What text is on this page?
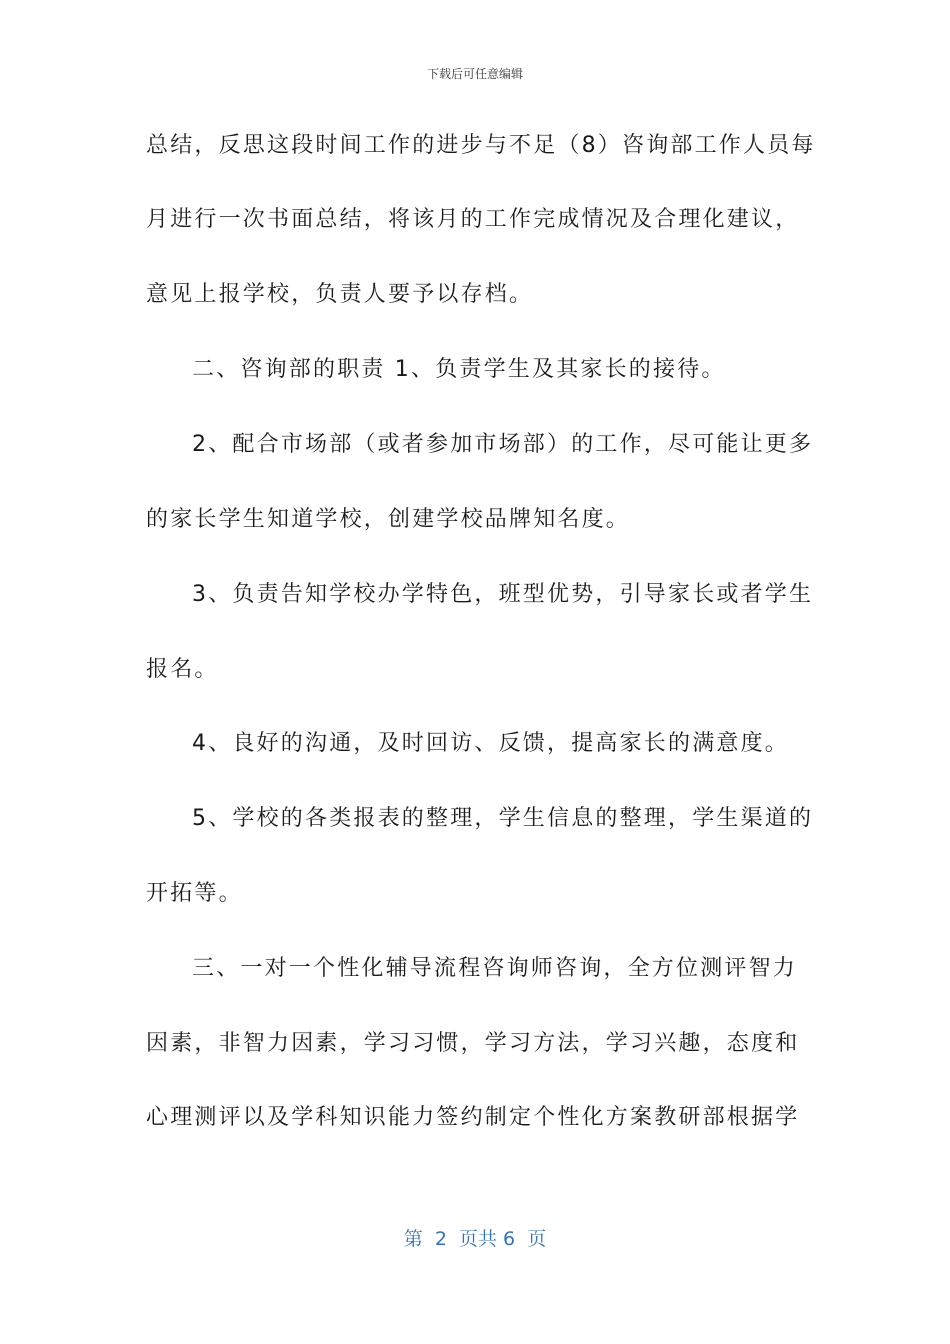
下载后可任意编辑
总结，反思这段时间工作的进步与不足（8）咨询部工作人员每
月进行一次书面总结，将该月的工作完成情况及合理化建议，
意见上报学校，负责人要予以存档。
二、咨询部的职责 1、负责学生及其家长的接待。
2、配合市场部（或者参加市场部）的工作，尽可能让更多
的家长学生知道学校，创建学校品牌知名度。
3、负责告知学校办学特色，班型优势，引导家长或者学生
报名。
4、良好的沟通，及时回访、反馈，提高家长的满意度。
5、学校的各类报表的整理，学生信息的整理，学生渠道的
开拓等。
三、一对一个性化辅导流程咨询师咨询，全方位测评智力
因素，非智力因素，学习习惯，学习方法，学习兴趣，态度和
心理测评以及学科知识能力签约制定个性化方案教研部根据学
第  2  页共 6  页
